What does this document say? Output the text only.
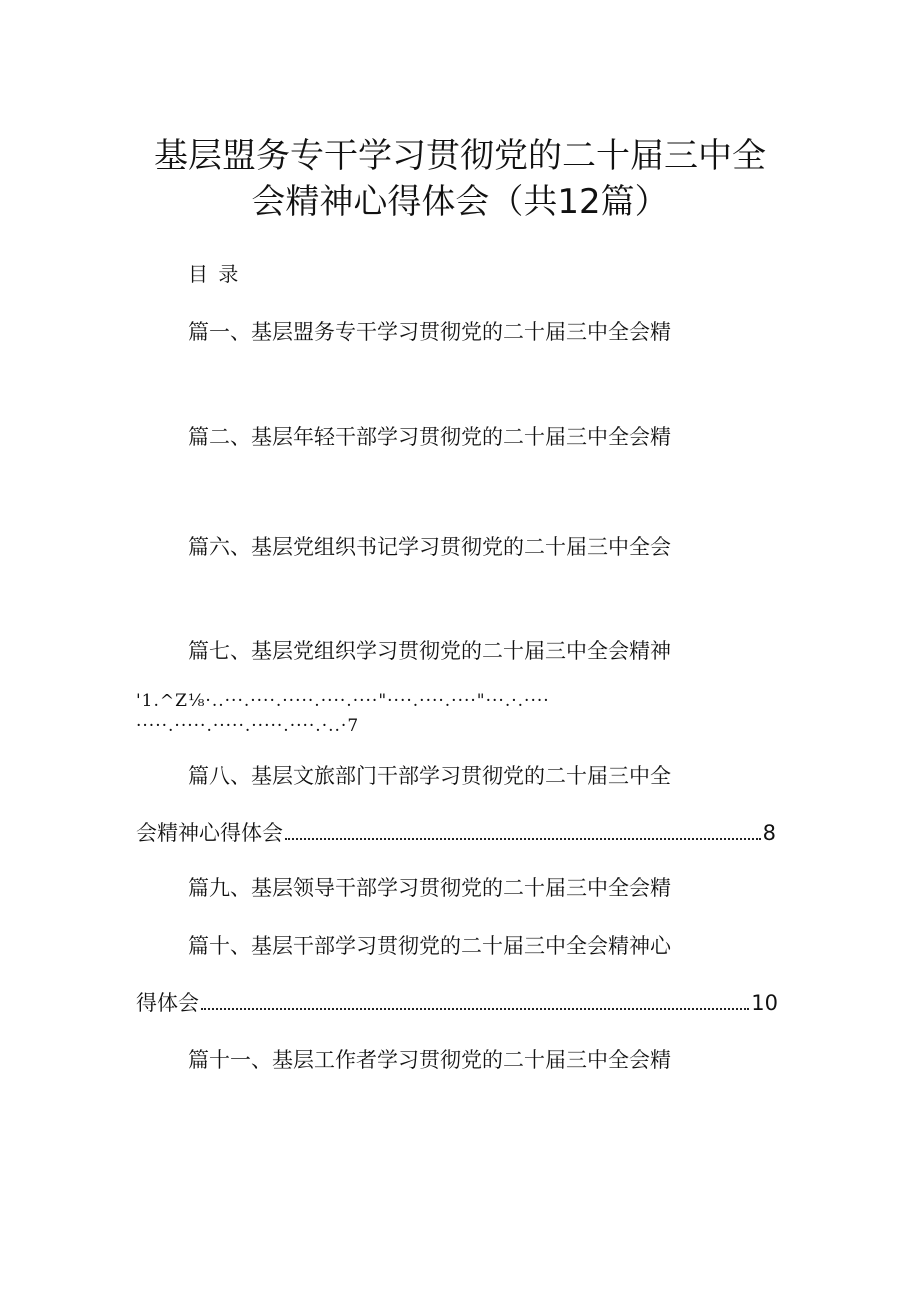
基层盟务专干学习贯彻党的二十届三中全
会精神心得体会（共12篇）
目 录
篇一、基层盟务专干学习贯彻党的二十届三中全会精
篇二、基层年轻干部学习贯彻党的二十届三中全会精
篇六、基层党组织书记学习贯彻党的二十届三中全会
篇七、基层党组织学习贯彻党的二十届三中全会精神
'1.^Z⅛·..···.····.·····.····.····"····.····.····"···.·.····
·····.·····.·····.·····.····.·..·7
篇八、基层文旅部门干部学习贯彻党的二十届三中全
会精神心得体会	8
篇九、基层领导干部学习贯彻党的二十届三中全会精
篇十、基层干部学习贯彻党的二十届三中全会精神心
得体会	10
篇十一、基层工作者学习贯彻党的二十届三中全会精
